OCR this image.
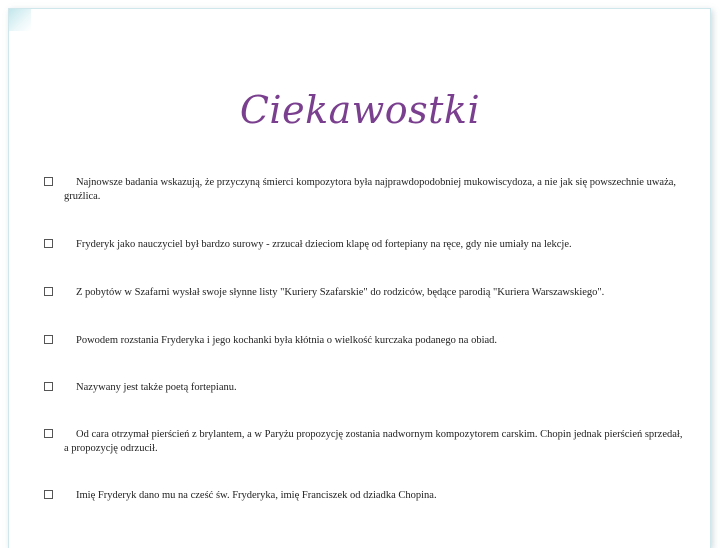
Ciekawostki
Najnowsze badania wskazują, że przyczyną śmierci kompozytora była najprawdopodobniej mukowiscydoza, a nie jak się powszechnie uważa, gruźlica.
Fryderyk jako nauczyciel był bardzo surowy - zrzucał dzieciom klapę od fortepiany na ręce, gdy nie umiały na lekcje.
Z pobytów w Szafarni wysłał swoje słynne listy "Kuriery Szafarskie" do rodziców, będące parodią "Kuriera Warszawskiego".
Powodem rozstania Fryderyka i jego kochanki była kłótnia o wielkość kurczaka podanego na obiad.
Nazywany jest także poetą fortepianu.
Od cara otrzymał pierścień z brylantem, a w Paryżu propozycję zostania nadwornym kompozytorem carskim. Chopin jednak pierścień sprzedał, a propozycję odrzucił.
Imię Fryderyk dano mu na cześć św. Fryderyka, imię Franciszek od dziadka Chopina.
